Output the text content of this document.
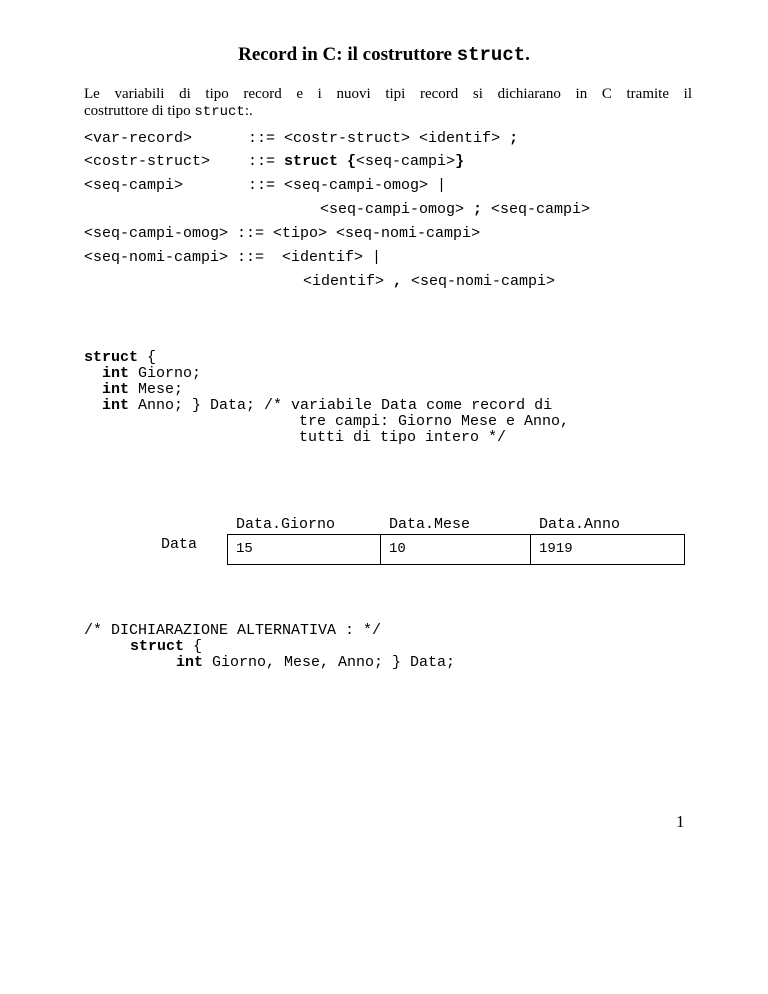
Record in C: il costruttore struct.
Le variabili di tipo record e i nuovi tipi record si dichiarano in C tramite il
costruttore di tipo struct:.
<var-record>	::= <costr-struct> <identif> ;
<costr-struct>	::= struct {<seq-campi>}
<seq-campi>	::= <seq-campi-omog> |
<seq-campi-omog> ; <seq-campi>
<seq-campi-omog> ::= <tipo> <seq-nomi-campi>
<seq-nomi-campi> ::=  <identif> |
<identif> , <seq-nomi-campi>
struct {
int Giorno;
int Mese;
int Anno; } Data; /* variabile Data come record di
tre campi: Giorno Mese e Anno,
tutti di tipo intero */
Data
Data.Giorno	Data.Mese	Data.Anno
15	10	1919
/* DICHIARAZIONE ALTERNATIVA : */
struct {
int Giorno, Mese, Anno; } Data;
1
